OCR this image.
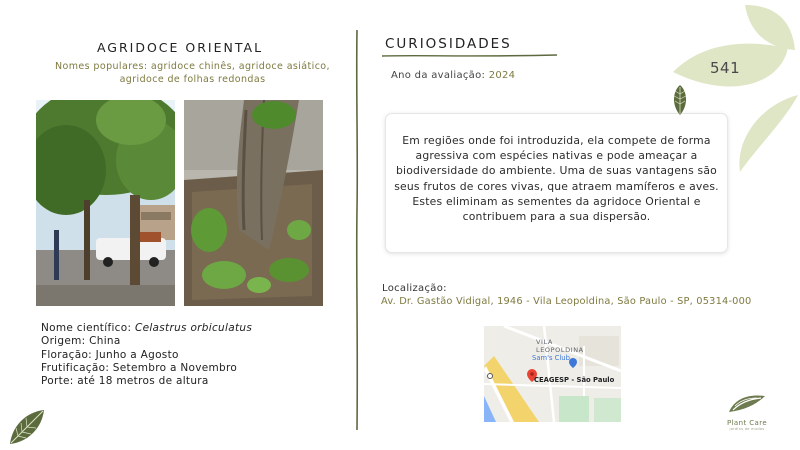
AGRIDOCE ORIENTAL
Nomes populares: agridoce chinês, agridoce asiático, agridoce de folhas redondas
Nome científico: Celastrus orbiculatus
Origem: China
Floração: Junho a Agosto
Frutificação: Setembro a Novembro
Porte: até 18 metros de altura
CURIOSIDADES
Ano da avaliação: 2024

Em regiões onde foi introduzida, ela compete de forma agressiva com espécies nativas e pode ameaçar a biodiversidade do ambiente. Uma de suas vantagens são seus frutos de cores vivas, que atraem mamíferos e aves. Estes eliminam as sementes da agridoce Oriental e contribuem para a sua dispersão.

Localização:
Av. Dr. Gastão Vidigal, 1946 - Vila Leopoldina, São Paulo - SP, 05314-000
VILA
LEOPOLDINA
Sam's Club
CEAGESP - São Paulo
541
Plant Care
jardins de mudas
